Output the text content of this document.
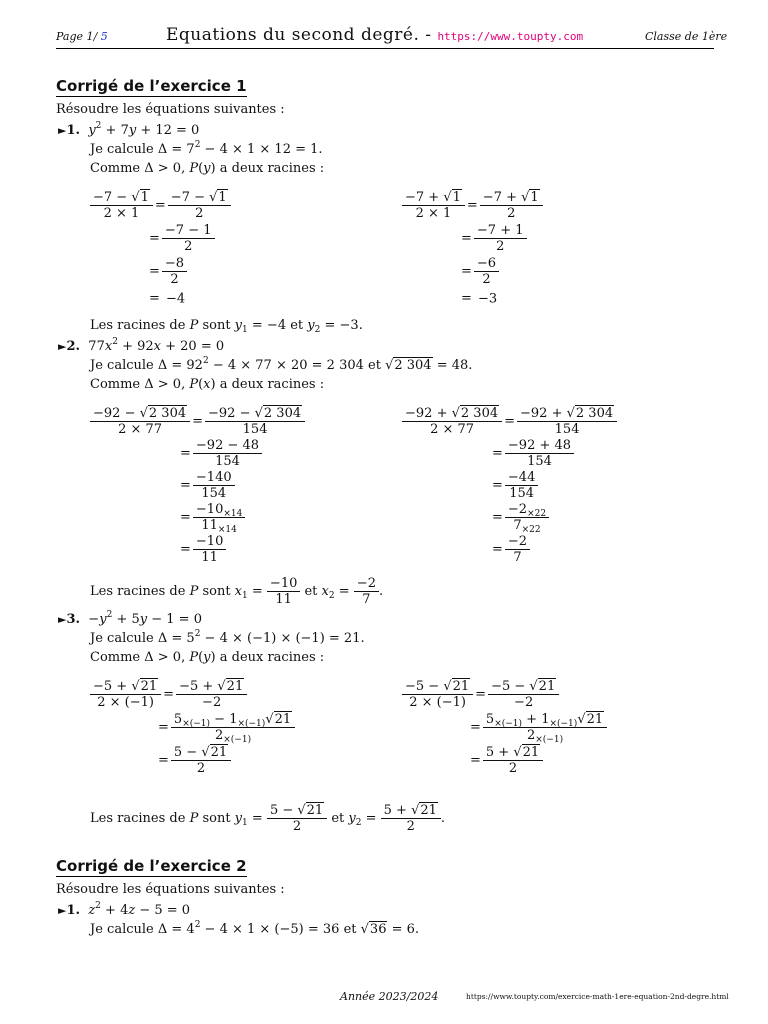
Page 1/ 5	Equations du second degré. - https://www.toupty.com	Classe de 1ère
Corrigé de l’exercice 1
Résoudre les équations suivantes :
►1. $y^2 + 7y + 12 = 0$
Je calcule $\Delta = 7^2 - 4 \times 1 \times 12 = 1$.
Comme Δ > 0, P(y) a deux racines :
$\frac{-7 - √1}{2 \times 1} = \frac{-7 - √1}{2}$
= $\frac{-7 - 1}{2}$
= $\frac{-8}{2}$
= −4
$\frac{-7 + √1}{2 \times 1} = \frac{-7 + √1}{2}$
= $\frac{-7 + 1}{2}$
= $\frac{-6}{2}$
= −3
Les racines de P sont $y_1 = -4$ et $y_2 = -3$.
►2.  $77x^2 + 92x + 20 = 0$
Je calcule $\Delta = 92^2 - 4 \times 77 \times 20 = 2$ 304 et √2 304 = 48.
Comme Δ > 0, P(x) a deux racines :
$\frac{-92 - √2 304}{2 \times 77} = \frac{-92 - √2 304}{154}$
= $\frac{-92 - 48}{154}$
= $\frac{-140}{154}$
= $\frac{-10_{\times 14}}{11_{\times 14}}$
= $\frac{-10}{11}$
$\frac{-92 + √2 304}{2 \times 77} = \frac{-92 + √2 304}{154}$
= $\frac{-92 + 48}{154}$
= $\frac{-44}{154}$
= $\frac{-2_{\times 22}}{7_{\times 22}}$
= $\frac{-2}{7}$
Les racines de P sont $x_1 = \frac{-10}{11}$ et $x_2 = \frac{-2}{7}$ .
►3.  $-y^2 + 5y - 1 = 0$
Je calcule $\Delta = 5^2 - 4 \times (-1) \times (-1) = 21$.
Comme Δ > 0, P(y) a deux racines :
$\frac{-5 + √21}{2 \times (-1)} = \frac{-5 + √21}{-2}$
= $\frac{5_{\times(-1)} - 1_{\times(-1)}√21}{2_{\times(-1)}}$
= $\frac{5 - √21}{2}$
$\frac{-5 - √21}{2 \times (-1)} = \frac{-5 - √21}{-2}$
= $\frac{5_{\times(-1)} + 1_{\times(-1)}√21}{2_{\times(-1)}}$
= $\frac{5 + √21}{2}$
Les racines de P sont $y_1 = \frac{5 - √21}{2}$ et $y_2 = \frac{5 + √21}{2}$ .
Corrigé de l’exercice 2
Résoudre les équations suivantes :
►1. $z^2 + 4z - 5 = 0$
Je calcule $\Delta = 4^2 - 4 \times 1 \times (-5) = 36$ et √36 = 6.
Année 2023/2024	https://www.toupty.com/exercice-math-1ere-equation-2nd-degre.html
